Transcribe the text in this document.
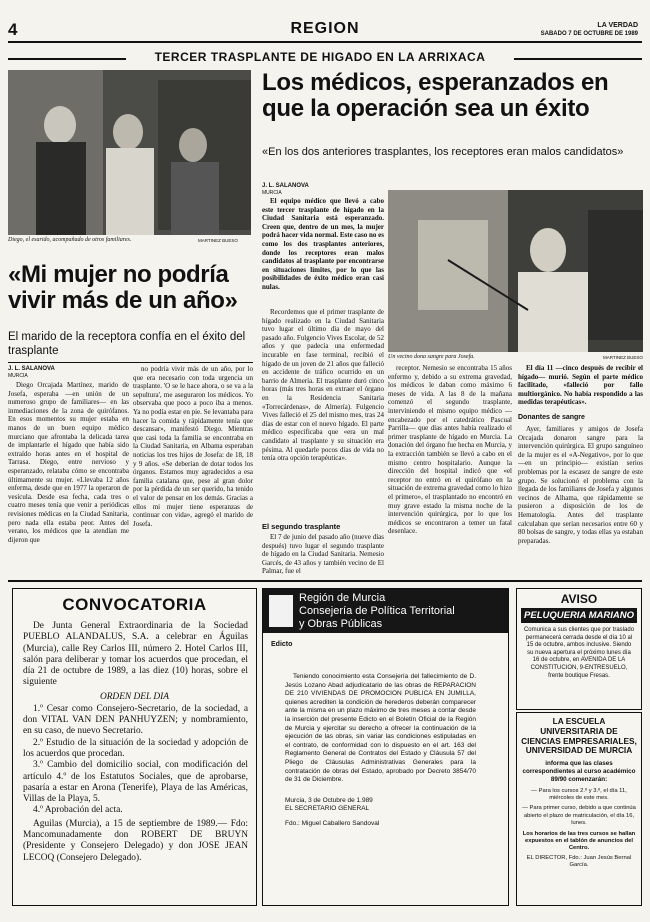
4	REGION	LA VERDAD
SABADO 7 DE OCTUBRE DE 1989
TERCER TRASPLANTE DE HIGADO EN LA ARRIXACA
Diego, el esarido, acompañado de otros familiares.	MARTINEZ BUESO
«Mi mujer no podría vivir más de un año»
El marido de la receptora confía en el éxito del trasplante
J. L. SALANOVA
MURCIA

Diego Orcajada Martínez, marido de Josefa, esperaba —en unión de un numeroso grupo de familiares— en las inmediaciones de la zona de quirófanos. En esos momentos su mujer estaba en manos de un buen equipo médico murciano que afrontaba la delicada tarea de implantarle el hígado que había sido extraído horas antes en el hospital de Tarrasa. Diego, entre nervioso y esperanzado, relataba cómo se encontraba últimamente su mujer. «Llevaba 12 años enferma, desde que en 1977 la operaron de vesícula. Desde esa fecha, cada tres o cuatro meses tenía que venir a periódicas revisiones médicas en la Ciudad Sanitaria, pero nada ella estaba peor. Antes del verano, los médicos que la atendían me dijeron que

no podría vivir más de un año, por lo que era necesario con toda urgencia un trasplante. 'O se le hace ahora, o se va a la sepultura', me aseguraron los médicos. Yo observaba que poco a poco iba a menos. Ya no podía estar en pie. Se levantaba para hacer la comida y rápidamente tenía que descansar», manifestó Diego. Mientras que casi toda la familia se encontraba en la Ciudad Sanitaria, en Albama esperaban noticias los tres hijos de Josefa: de 18, 18 y 9 años. «Se deberían de dotar todos los órganos. Estamos muy agradecidos a esa familia catalana que, pese al gran dolor por la pérdida de un ser querido, ha tenido el valor de pensar en los demás. Gracias a ellos mi mujer tiene esperanzas de continuar con vida», agregó el marido de Josefa.

Los médicos, esperanzados en que la operación sea un éxito
«En los dos anteriores trasplantes, los receptores eran malos candidatos»
J. L. SALANOVA
MURCIA

El equipo médico que llevó a cabo este tercer trasplante de hígado en la Ciudad Sanitaria está esperanzado. Creen que, dentro de un mes, la mujer podrá hacer vida normal. Este caso no es como los dos trasplantes anteriores, donde los receptores eran malos candidatos al trasplante por encontrarse en situaciones límites, por lo que las posibilidades de éxito médico eran casi nulas.

Recordemos que el primer trasplante de hígado realizado en la Ciudad Sanitaria tuvo lugar el último día de mayo del pasado año. Fulgencio Vives Escolar, de 52 años y que padecía una enfermedad incurable en fase terminal, recibió el hígado de un joven de 21 años que falleció en accidente de tráfico ocurrido en un barrio de Almería. El trasplante duró cinco horas (más tres horas en extraer el órgano en la Residencia Sanitaria «Torrecárdenas», de Almería). Fulgencio Vives falleció el 25 del mismo mes, tras 24 días de estar con el nuevo hígado. El parte médico especificaba que «era un mal candidato al trasplante y su situación era pésima. Al quedarle pocos días de vida no tenía otra opción terapéutica».

El segundo trasplante

El 7 de junio del pasado año (nueve días después) tuvo lugar el segundo trasplante de hígado en la Ciudad Sanitaria. Nemesio Garcés, de 43 años y también vecino de El Palmar, fue el

Un vecino dona sangre para Josefa.	MARTINEZ BUESO

receptor. Nemesio se encontraba 15 años enfermo y, debido a su extrema gravedad, los médicos le daban como máximo 6 meses de vida. A las 8 de la mañana comenzó el segundo trasplante, interviniendo el mismo equipo médico —encabezado por el catedrático Pascual Parrilla— que días antes había realizado el primer trasplante de hígado en Murcia. La donación del órgano fue hecha en Murcia, y la extracción también se llevó a cabo en el mismo centro hospitalario. Aunque la dirección del hospital indicó que «el receptor no entró en el quirófano en la situación de extrema gravedad como lo hizo el primero», el trasplantado no encontró en muy grave estado la misma noche de la intervención quirúrgica, por lo que los médicos se encontraron a temer un fatal desenlace.

El día 11 —cinco después de recibir el hígado— murió. Según el parte médico facilitado, «falleció por fallo multiorgánico. No había respondido a las medidas terapéuticas».

Donantes de sangre

Ayer, familiares y amigos de Josefa Orcajada donaron sangre para la intervención quirúrgica. El grupo sanguíneo de la mujer es el «A-Negativo», por lo que —en un principio— existían serios problemas por la escasez de sangre de este grupo. Se solucionó el problema con la llegada de los familiares de Josefa y algunos vecinos de Alhama, que rápidamente se pusieron a disposición de los de Hematología. Antes del trasplante calculaban que serían necesarios entre 60 y 80 bolsas de sangre, y todas ellas ya estaban preparadas.

CONVOCATORIA
De Junta General Extraordinaria de la Sociedad PUEBLO ALANDALUS, S.A. a celebrar en Águilas (Murcia), calle Rey Carlos III, número 2. Hotel Carlos III, salón para deliberar y tomar los acuerdos que procedan, el día 21 de octubre de 1989, a las diez (10) horas, sobre el siguiente
ORDEN DEL DIA
1.º Cesar como Consejero-Secretario, de la sociedad, a don VITAL VAN DEN PANHUYZEN; y nombramiento, en su caso, de nuevo Secretario.
2.º Estudio de la situación de la sociedad y adopción de los acuerdos que procedan.
3.º Cambio del domicilio social, con modificación del artículo 4.º de los Estatutos Sociales, que de aprobarse, pasaría a estar en Arona (Tenerife), Playa de las Américas, Villas de la Playa, 5.
4.º Aprobación del acta.
Aguilas (Murcia), a 15 de septiembre de 1989.— Fdo: Mancomunadamente don ROBERT DE BRUYN (Presidente y Consejero Delegado) y don JOSE JEAN LECOQ (Consejero Delegado).
Región de Murcia
Consejería de Política Territorial
y Obras Públicas
Edicto
Teniendo conocimiento esta Consejería del fallecimiento de D. Jesús Lozano Abad adjudicatario de las obras de REPARACION DE 210 VIVIENDAS DE PROMOCION PUBLICA EN JUMILLA, quienes acrediten la condición de herederos deberán comparecer ante la misma en un plazo máximo de tres meses a contar desde la inserción del presente Edicto en el Boletín Oficial de la Región de Murcia y ejercitar su derecho a ofrecer la continuación de la ejecución de las obras, sin variar las condiciones estipuladas en el contrato, de conformidad con lo dispuesto en el art. 163 del Reglamento General de Contratos del Estado y Cláusula 57 del Pliego de Cláusulas Administrativas Generales para la contratación de obras del Estado, aprobado por Decreto 3854/70 de 31 de Diciembre.
Murcia, 3 de Octubre de 1.989
EL SECRETARIO GENERAL
Fdo.: Miguel Caballero Sandoval
AVISO
PELUQUERIA MARIANO
Comunica a sus clientes que por traslado permanecerá cerrada desde el día 10 al 15 de octubre, ambos inclusive. Siendo su nueva apertura el próximo lunes día 16 de octubre, en AVENIDA DE LA CONSTITUCION, 9-ENTRESUELO, frente boutique Fresas.
LA ESCUELA UNIVERSITARIA DE CIENCIAS EMPRESARIALES,
UNIVERSIDAD DE MURCIA
informa que las clases correspondientes al curso académico 89/90 comenzarán:
— Para los cursos 2.º y 3.º, el día 11, miércoles de este mes.
— Para primer curso, debido a que continúa abierto el plazo de matriculación, el día 16, lunes.
Los horarios de las tres cursos se hallan expuestos en el tablón de anuncios del Centro.
EL DIRECTOR, Fdo.: Juan Jesús Bernal García.
